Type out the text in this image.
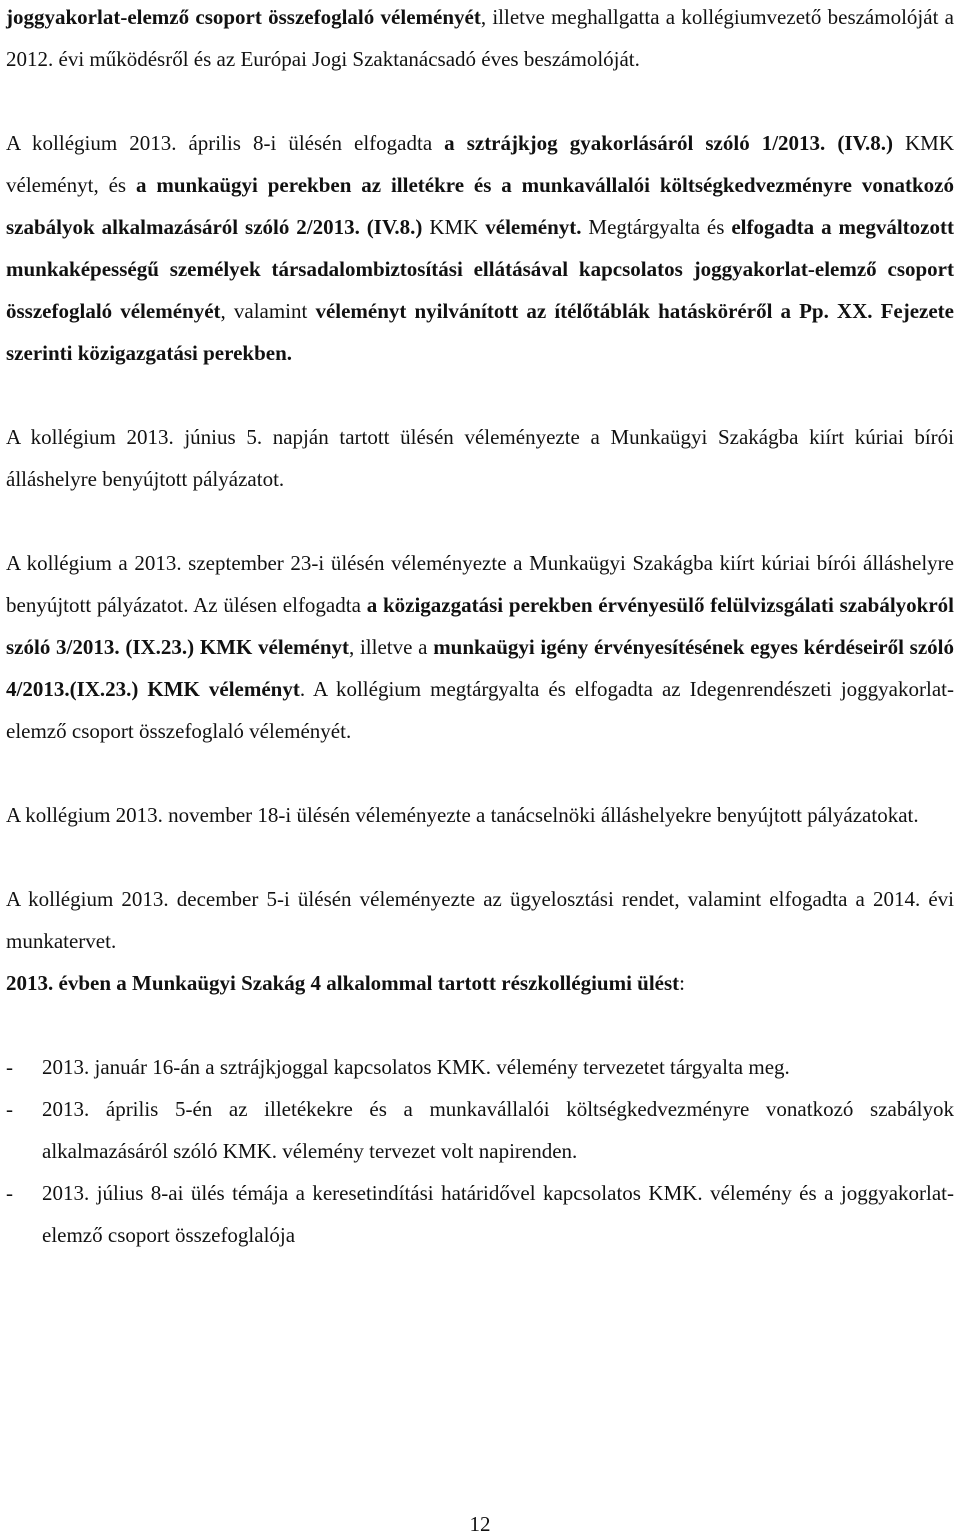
joggyakorlat-elemző csoport összefoglaló véleményét, illetve meghallgatta a kollégiumvezető beszámolóját a 2012. évi működésről és az Európai Jogi Szaktanácsadó éves beszámolóját.

A kollégium 2013. április 8-i ülésén elfogadta a sztrájkjog gyakorlásáról szóló 1/2013. (IV.8.) KMK véleményt, és a munkaügyi perekben az illetékre és a munkavállalói költségkedvezményre vonatkozó szabályok alkalmazásáról szóló 2/2013. (IV.8.) KMK véleményt. Megtárgyalta és elfogadta a megváltozott munkaképességű személyek társadalombiztosítási ellátásával kapcsolatos joggyakorlat-elemző csoport összefoglaló véleményét, valamint véleményt nyilvánított az ítélőtáblák hatásköréről a Pp. XX. Fejezete szerinti közigazgatási perekben.

A kollégium 2013. június 5. napján tartott ülésén véleményezte a Munkaügyi Szakágba kiírt kúriai bírói álláshelyre benyújtott pályázatot.

A kollégium a 2013. szeptember 23-i ülésén véleményezte a Munkaügyi Szakágba kiírt kúriai bírói álláshelyre benyújtott pályázatot. Az ülésen elfogadta a közigazgatási perekben érvényesülő felülvizsgálati szabályokról szóló 3/2013. (IX.23.) KMK véleményt, illetve a munkaügyi igény érvényesítésének egyes kérdéseiről szóló 4/2013.(IX.23.) KMK véleményt. A kollégium megtárgyalta és elfogadta az Idegenrendészeti joggyakorlat-elemző csoport összefoglaló véleményét.

A kollégium 2013. november 18-i ülésén véleményezte a tanácselnöki álláshelyekre benyújtott pályázatokat.

A kollégium 2013. december 5-i ülésén véleményezte az ügyelosztási rendet, valamint elfogadta a 2014. évi munkatervet.

2013. évben a Munkaügyi Szakág 4 alkalommal tartott részkollégiumi ülést:

- 2013. január 16-án a sztrájkjoggal kapcsolatos KMK. vélemény tervezetet tárgyalta meg.
- 2013. április 5-én az illetékekre és a munkavállalói költségkedvezményre vonatkozó szabályok alkalmazásáról szóló KMK. vélemény tervezet volt napirenden.
- 2013. július 8-ai ülés témája a keresetindítási határidővel kapcsolatos KMK. vélemény és a joggyakorlat-elemző csoport összefoglalója
12
